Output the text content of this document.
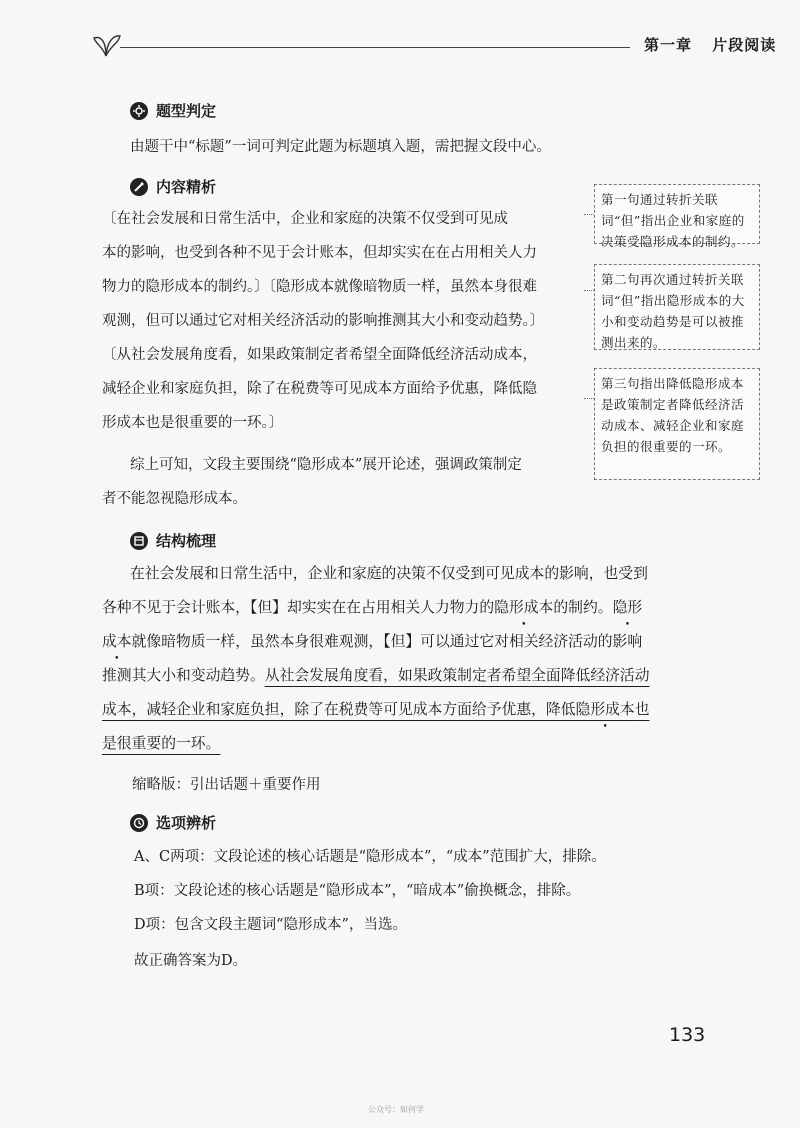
第一章 片段阅读
题型判定
由题干中“标题”一词可判定此题为标题填入题，需把握文段中心。
内容精析
〔在社会发展和日常生活中，企业和家庭的决策不仅受到可见成
本的影响，也受到各种不见于会计账本，但却实实在在占用相关人力
物力的隐形成本的制约。〕〔隐形成本就像暗物质一样，虽然本身很难
观测，但可以通过它对相关经济活动的影响推测其大小和变动趋势。〕
〔从社会发展角度看，如果政策制定者希望全面降低经济活动成本，
减轻企业和家庭负担，除了在税费等可见成本方面给予优惠，降低隐
形成本也是很重要的一环。〕
综上可知，文段主要围绕“隐形成本”展开论述，强调政策制定
者不能忽视隐形成本。
第一句通过转折关联词“但”指出企业和家庭的决策受隐形成本的制约。
第二句再次通过转折关联词“但”指出隐形成本的大小和变动趋势是可以被推测出来的。
第三句指出降低隐形成本是政策制定者降低经济活动成本、减轻企业和家庭负担的很重要的一环。
结构梳理
在社会发展和日常生活中，企业和家庭的决策不仅受到可见成本的影响，也受到
各种不见于会计账本，【但】却实实在在占用相关人力物力的隐形成本的制约。隐形
成本就像暗物质一样，虽然本身很难观测，【但】可以通过它对相关经济活动的影响
推测其大小和变动趋势。从社会发展角度看，如果政策制定者希望全面降低经济活动
成本，减轻企业和家庭负担，除了在税费等可见成本方面给予优惠，降低隐形成本也
是很重要的一环。
缩略版：引出话题＋重要作用
选项辨析
A、C两项：文段论述的核心话题是“隐形成本”，“成本”范围扩大，排除。
B项：文段论述的核心话题是“隐形成本”，“暗成本”偷换概念，排除。
D项：包含文段主题词“隐形成本”，当选。
故正确答案为D。
133
公众号：如何学
